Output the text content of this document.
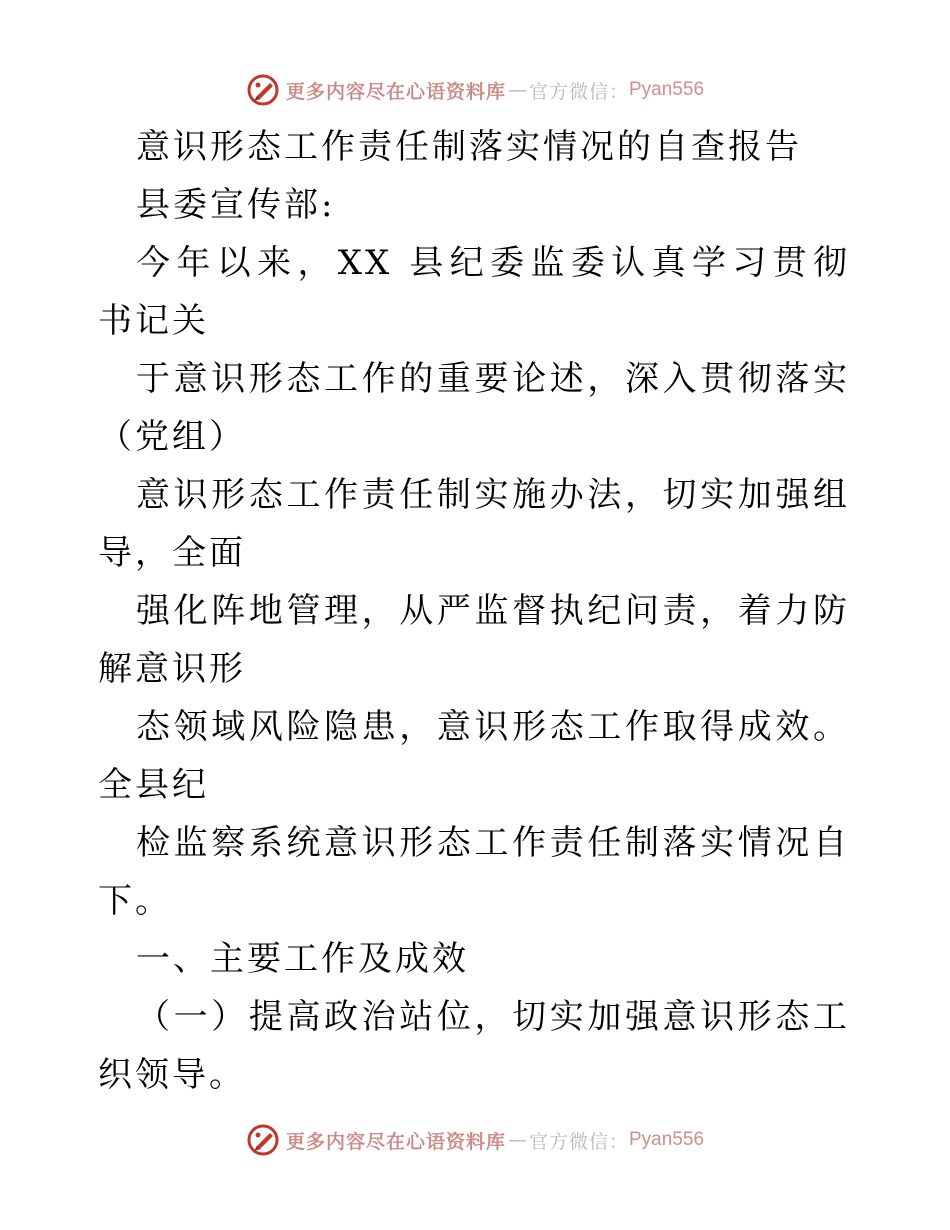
更多内容尽在心语资料库 — 官方微信： Pyan556
意识形态工作责任制落实情况的自查报告
县委宣传部:
今年以来，XX 县纪委监委认真学习贯彻
书记关
于意识形态工作的重要论述，深入贯彻落实
（党组）
意识形态工作责任制实施办法，切实加强组
导，全面
强化阵地管理，从严监督执纪问责，着力防
解意识形
态领域风险隐患，意识形态工作取得成效。
全县纪
检监察系统意识形态工作责任制落实情况自
下。
一、主要工作及成效
（一）提高政治站位，切实加强意识形态工
织领导。
更多内容尽在心语资料库 — 官方微信： Pyan556
